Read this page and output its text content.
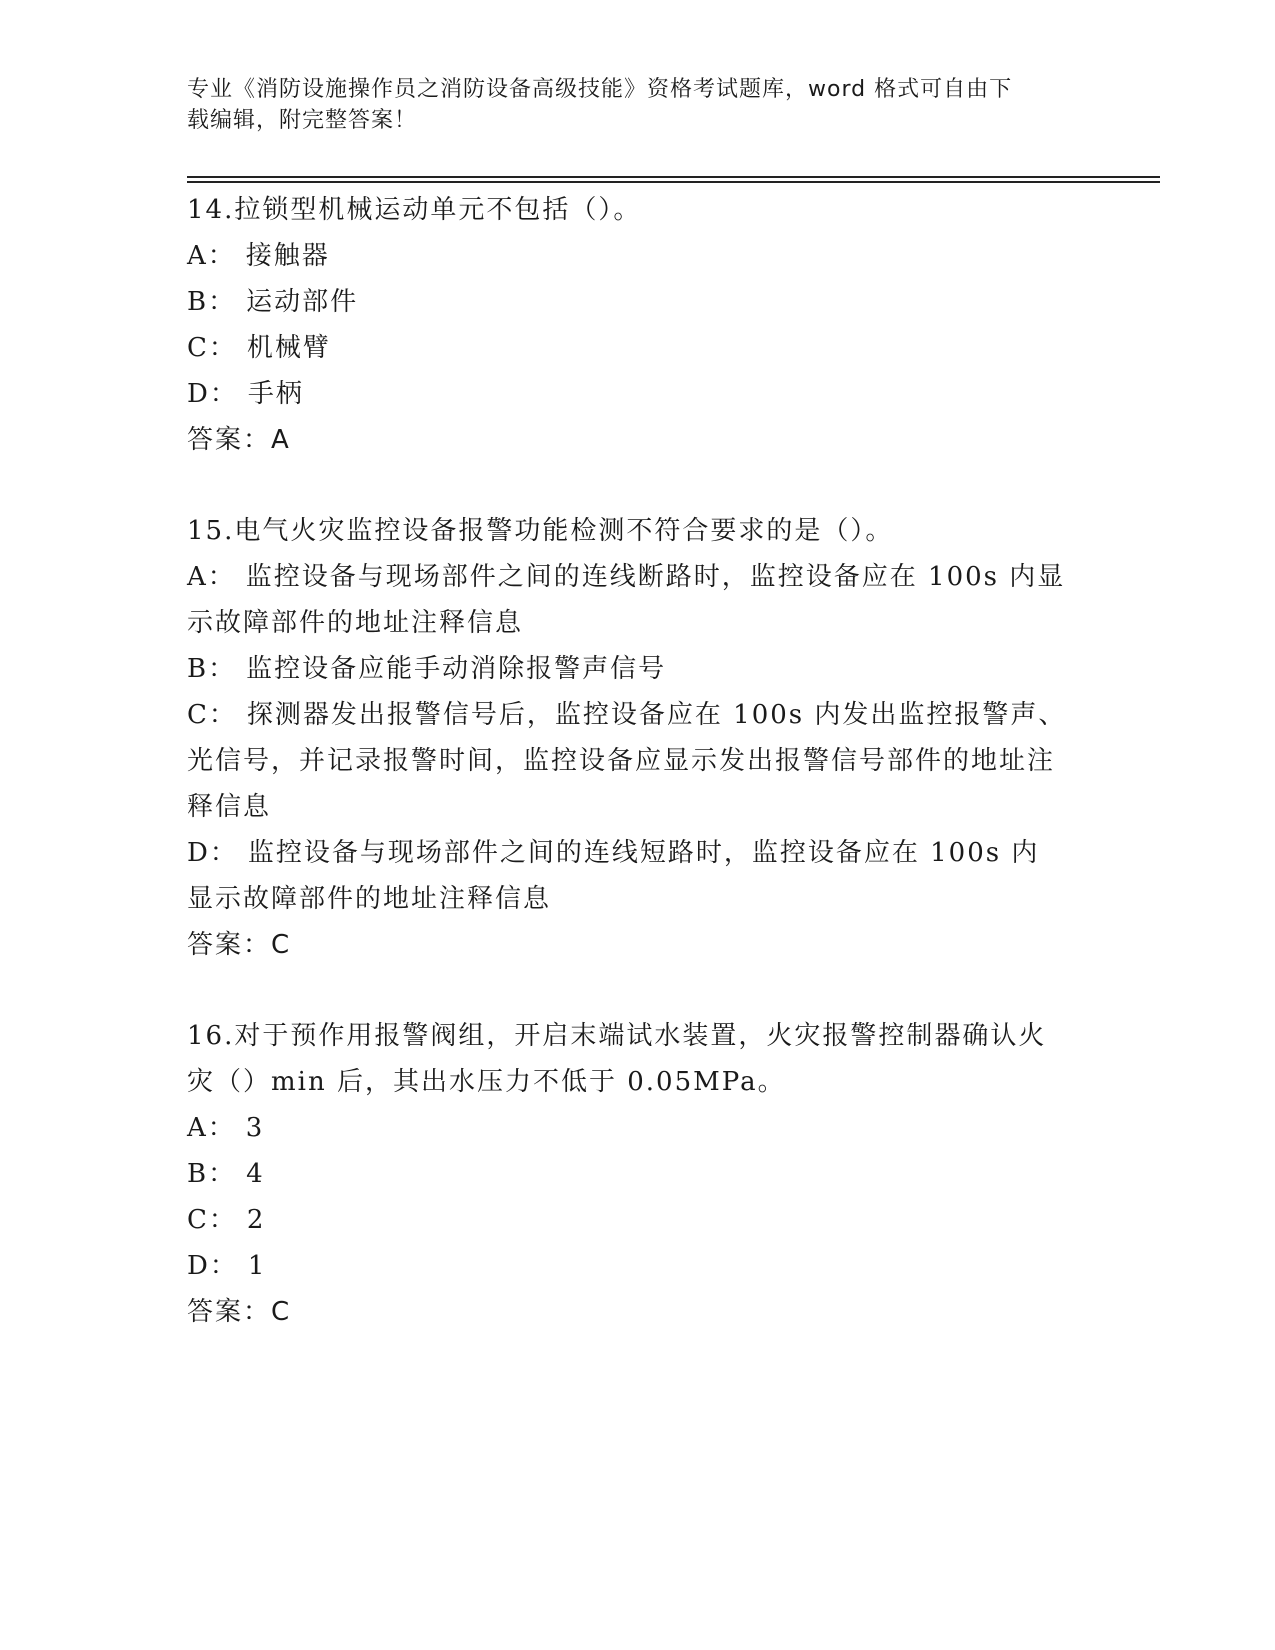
专业《消防设施操作员之消防设备高级技能》资格考试题库，word 格式可自由下
载编辑，附完整答案！
14.拉锁型机械运动单元不包括（）。
A： 接触器
B： 运动部件
C： 机械臂
D： 手柄
答案：A
15.电气火灾监控设备报警功能检测不符合要求的是（）。
A： 监控设备与现场部件之间的连线断路时，监控设备应在 100s 内显示故障部件的地址注释信息
B： 监控设备应能手动消除报警声信号
C： 探测器发出报警信号后，监控设备应在 100s 内发出监控报警声、光信号，并记录报警时间，监控设备应显示发出报警信号部件的地址注释信息
D： 监控设备与现场部件之间的连线短路时，监控设备应在 100s 内显示故障部件的地址注释信息
答案：C
16.对于预作用报警阀组，开启末端试水装置，火灾报警控制器确认火灾（）min 后，其出水压力不低于 0.05MPa。
A： 3
B： 4
C： 2
D： 1
答案：C
